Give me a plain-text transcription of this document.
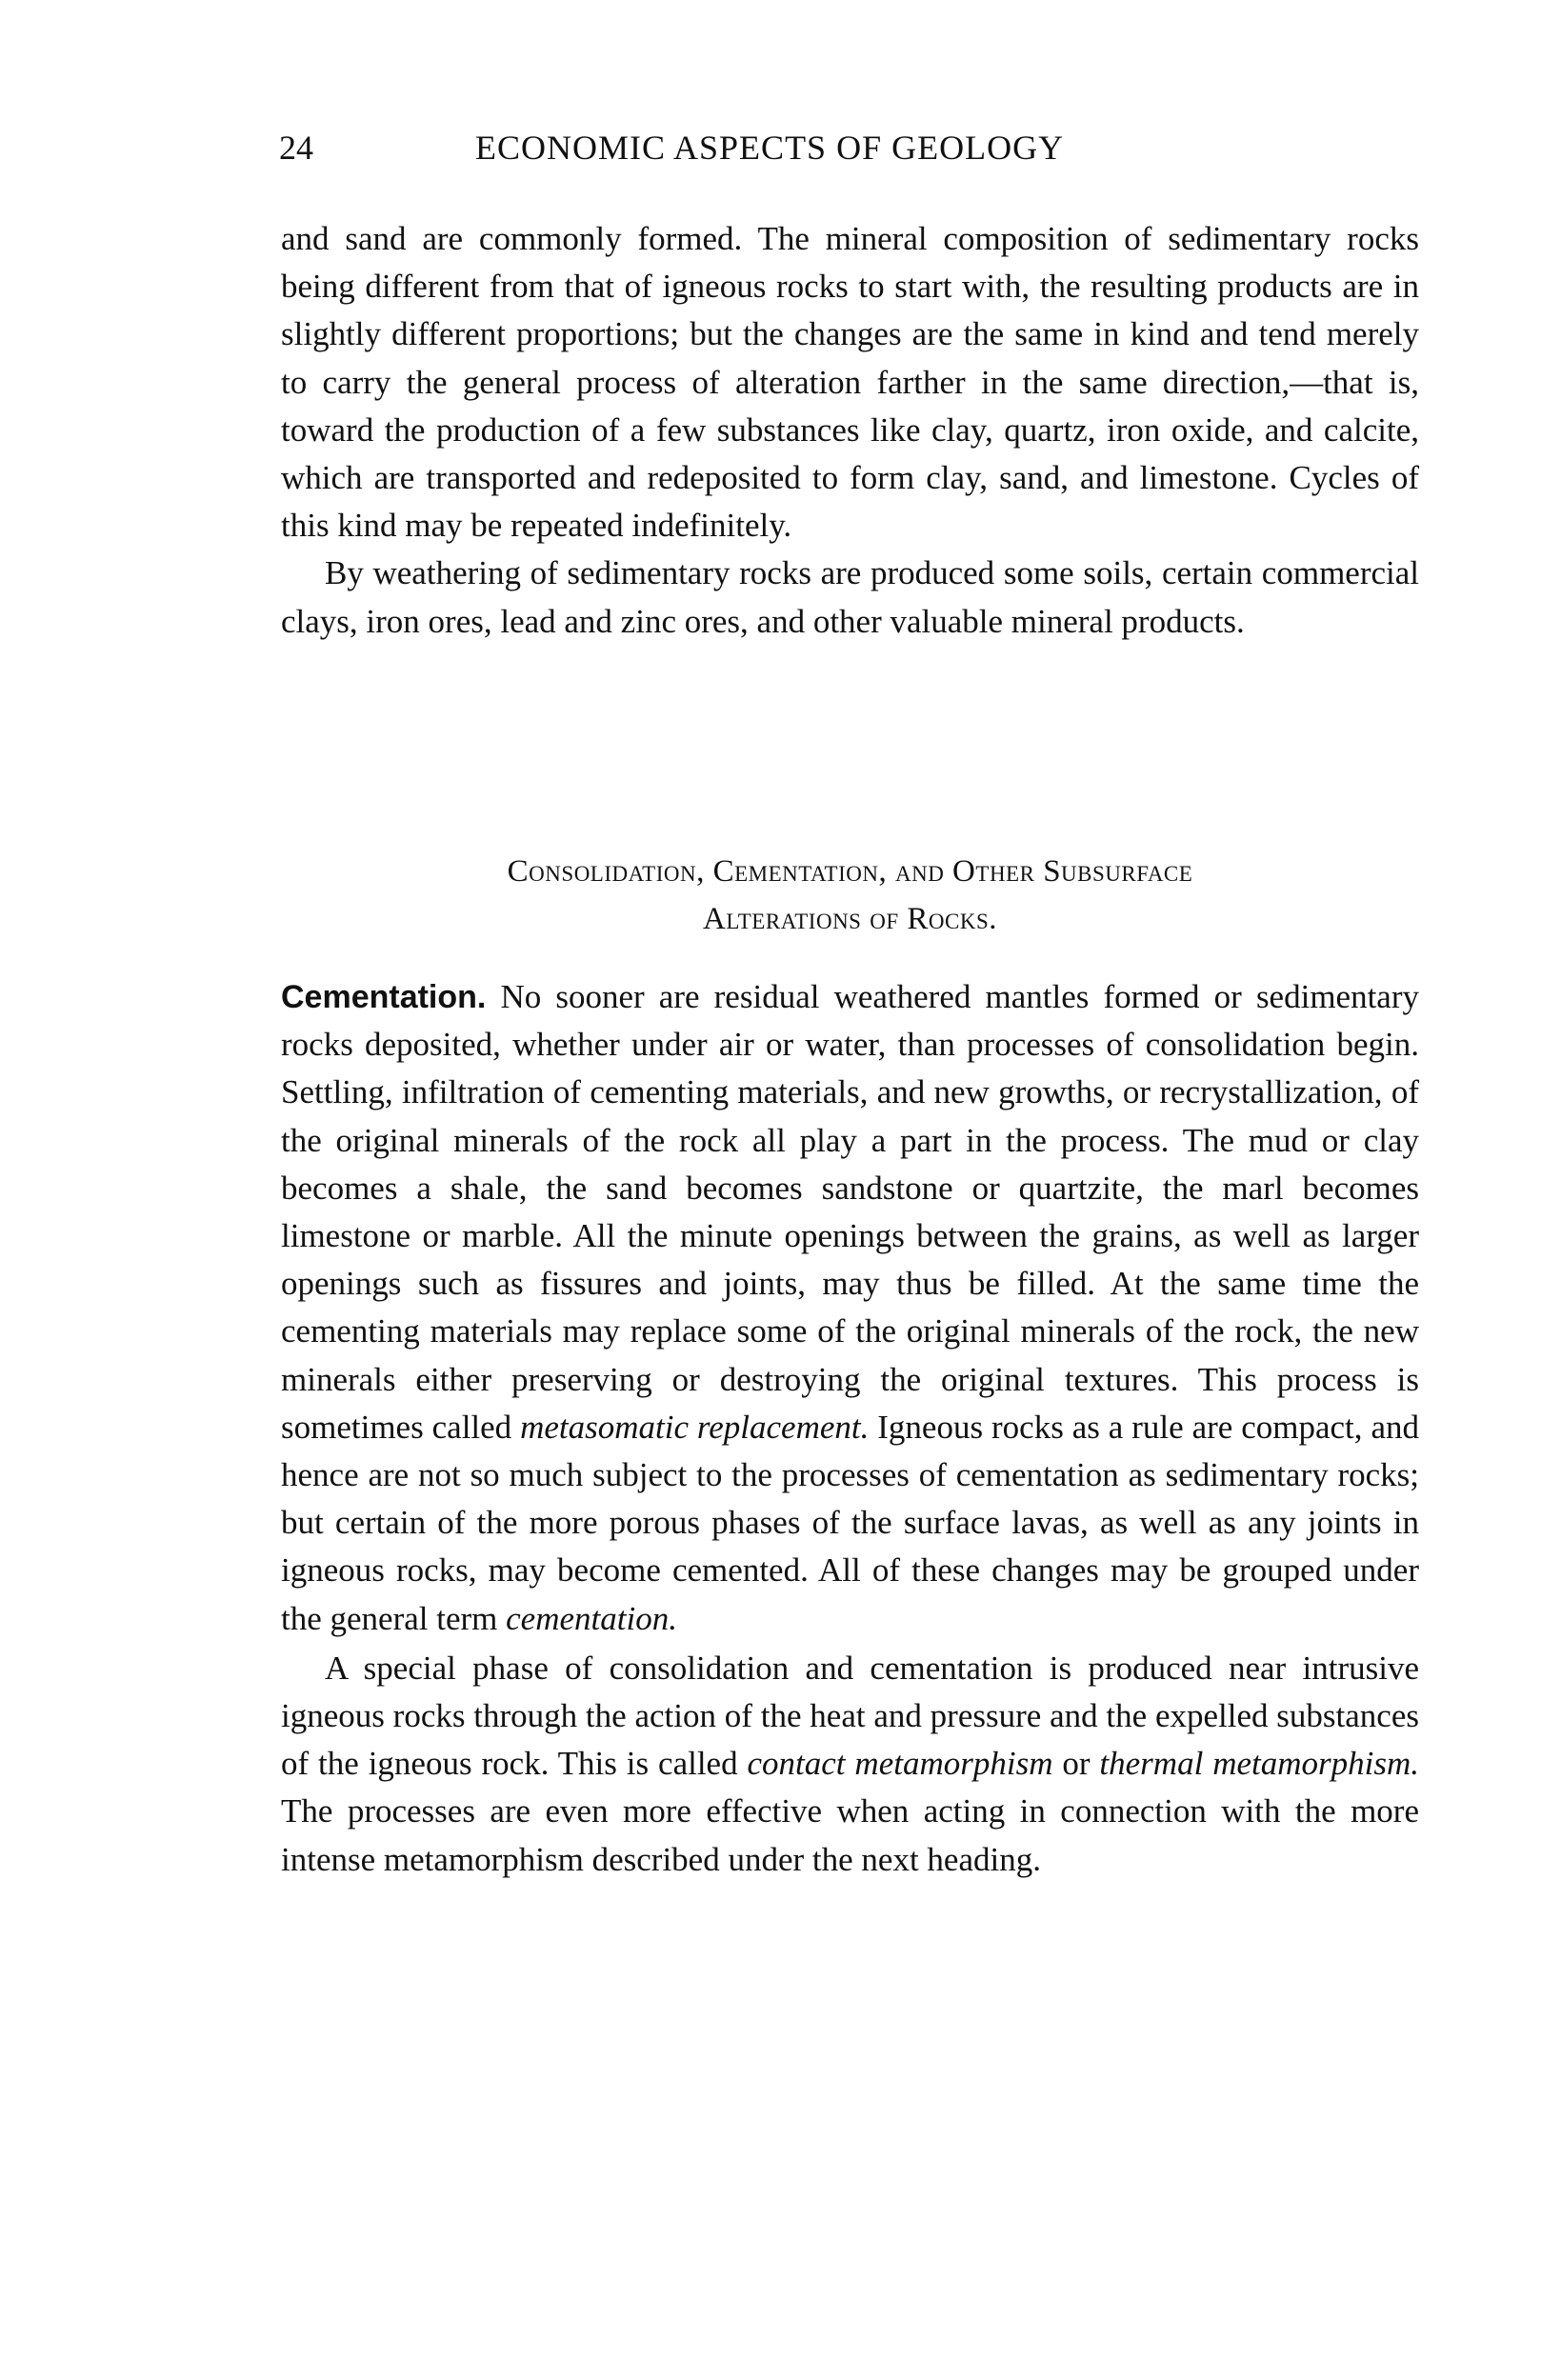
24	ECONOMIC ASPECTS OF GEOLOGY

and sand are commonly formed. The mineral composition of sedimentary rocks being different from that of igneous rocks to start with, the resulting products are in slightly different proportions; but the changes are the same in kind and tend merely to carry the general process of alteration farther in the same direction,—that is, toward the production of a few substances like clay, quartz, iron oxide, and calcite, which are transported and redeposited to form clay, sand, and limestone. Cycles of this kind may be repeated indefinitely.

By weathering of sedimentary rocks are produced some soils, certain commercial clays, iron ores, lead and zinc ores, and other valuable mineral products.

Consolidation, Cementation, and Other Subsurface
Alterations of Rocks.

Cementation. No sooner are residual weathered mantles formed or sedimentary rocks deposited, whether under air or water, than processes of consolidation begin. Settling, infiltration of cementing materials, and new growths, or recrystallization, of the original minerals of the rock all play a part in the process. The mud or clay becomes a shale, the sand becomes sandstone or quartzite, the marl becomes limestone or marble. All the minute openings between the grains, as well as larger openings such as fissures and joints, may thus be filled. At the same time the cementing materials may replace some of the original minerals of the rock, the new minerals either preserving or destroying the original textures. This process is sometimes called metasomatic replacement. Igneous rocks as a rule are compact, and hence are not so much subject to the processes of cementation as sedimentary rocks; but certain of the more porous phases of the surface lavas, as well as any joints in igneous rocks, may become cemented. All of these changes may be grouped under the general term cementation.

A special phase of consolidation and cementation is produced near intrusive igneous rocks through the action of the heat and pressure and the expelled substances of the igneous rock. This is called contact metamorphism or thermal metamorphism. The processes are even more effective when acting in connection with the more intense metamorphism described under the next heading.
